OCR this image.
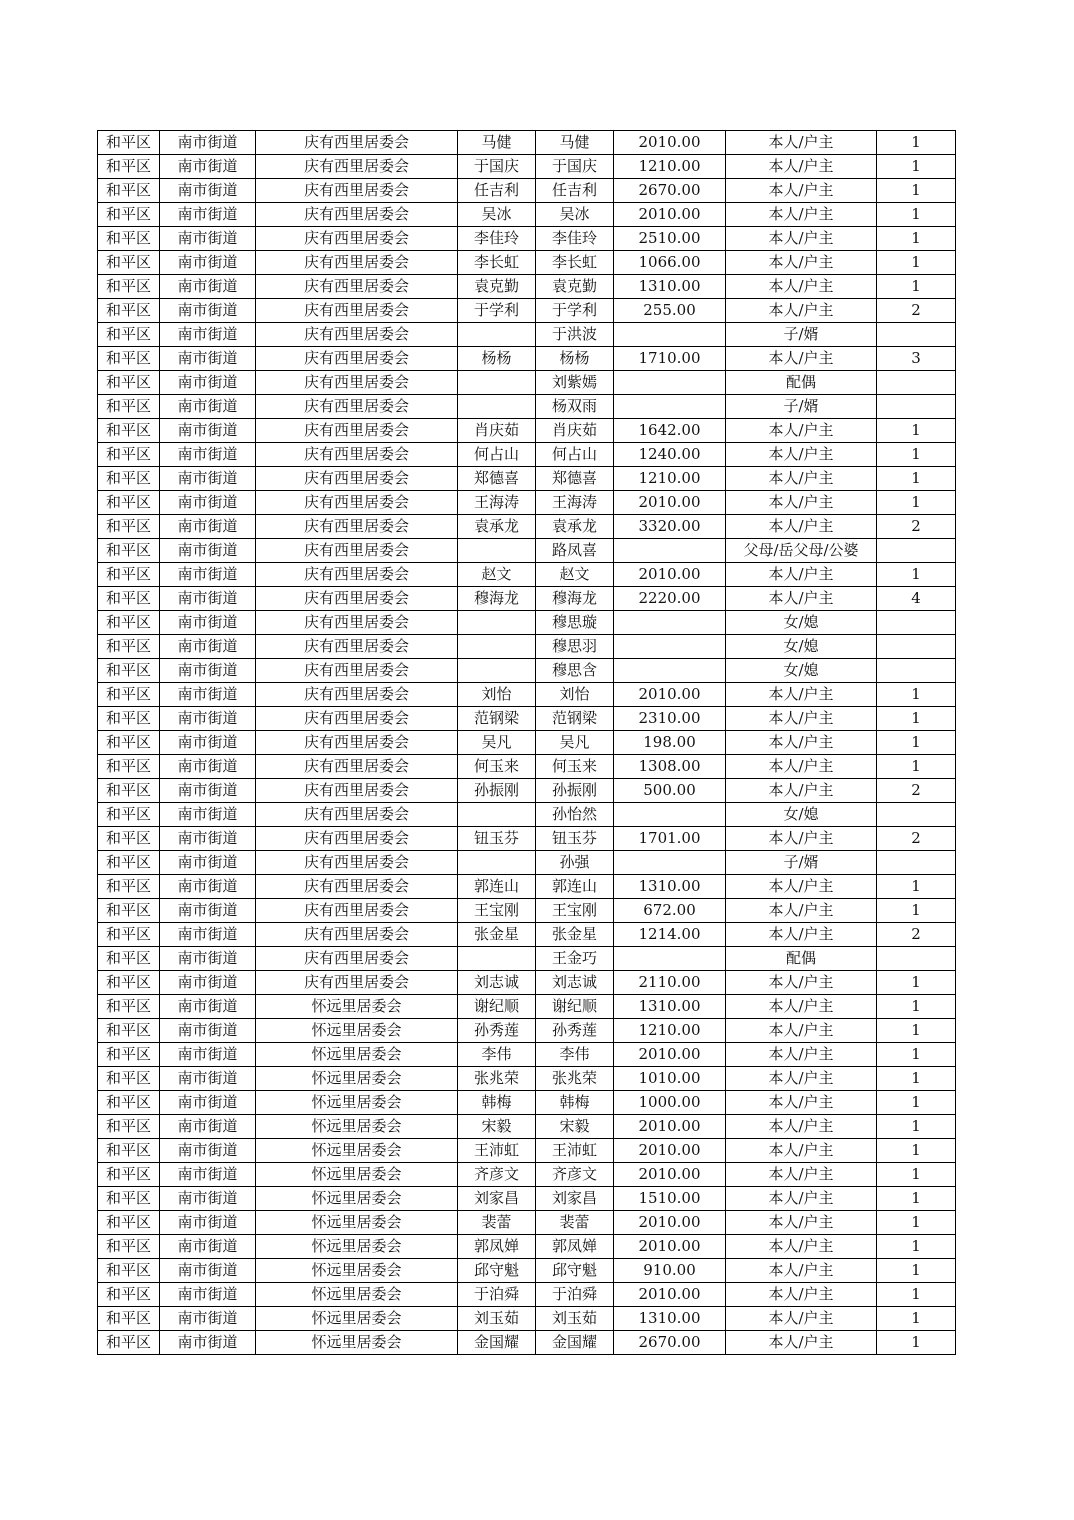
和平区	南市街道	庆有西里居委会	马健	马健	2010.00	本人/户主	1
和平区	南市街道	庆有西里居委会	于国庆	于国庆	1210.00	本人/户主	1
和平区	南市街道	庆有西里居委会	任吉利	任吉利	2670.00	本人/户主	1
和平区	南市街道	庆有西里居委会	吴冰	吴冰	2010.00	本人/户主	1
和平区	南市街道	庆有西里居委会	李佳玲	李佳玲	2510.00	本人/户主	1
和平区	南市街道	庆有西里居委会	李长虹	李长虹	1066.00	本人/户主	1
和平区	南市街道	庆有西里居委会	袁克勤	袁克勤	1310.00	本人/户主	1
和平区	南市街道	庆有西里居委会	于学利	于学利	255.00	本人/户主	2
和平区	南市街道	庆有西里居委会		于洪波		子/婿	
和平区	南市街道	庆有西里居委会	杨杨	杨杨	1710.00	本人/户主	3
和平区	南市街道	庆有西里居委会		刘紫嫣		配偶	
和平区	南市街道	庆有西里居委会		杨双雨		子/婿	
和平区	南市街道	庆有西里居委会	肖庆茹	肖庆茹	1642.00	本人/户主	1
和平区	南市街道	庆有西里居委会	何占山	何占山	1240.00	本人/户主	1
和平区	南市街道	庆有西里居委会	郑德喜	郑德喜	1210.00	本人/户主	1
和平区	南市街道	庆有西里居委会	王海涛	王海涛	2010.00	本人/户主	1
和平区	南市街道	庆有西里居委会	袁承龙	袁承龙	3320.00	本人/户主	2
和平区	南市街道	庆有西里居委会		路凤喜		父母/岳父母/公婆	
和平区	南市街道	庆有西里居委会	赵文	赵文	2010.00	本人/户主	1
和平区	南市街道	庆有西里居委会	穆海龙	穆海龙	2220.00	本人/户主	4
和平区	南市街道	庆有西里居委会		穆思璇		女/媳	
和平区	南市街道	庆有西里居委会		穆思羽		女/媳	
和平区	南市街道	庆有西里居委会		穆思含		女/媳	
和平区	南市街道	庆有西里居委会	刘怡	刘怡	2010.00	本人/户主	1
和平区	南市街道	庆有西里居委会	范钢梁	范钢梁	2310.00	本人/户主	1
和平区	南市街道	庆有西里居委会	吴凡	吴凡	198.00	本人/户主	1
和平区	南市街道	庆有西里居委会	何玉来	何玉来	1308.00	本人/户主	1
和平区	南市街道	庆有西里居委会	孙振刚	孙振刚	500.00	本人/户主	2
和平区	南市街道	庆有西里居委会		孙怡然		女/媳	
和平区	南市街道	庆有西里居委会	钮玉芬	钮玉芬	1701.00	本人/户主	2
和平区	南市街道	庆有西里居委会		孙强		子/婿	
和平区	南市街道	庆有西里居委会	郭连山	郭连山	1310.00	本人/户主	1
和平区	南市街道	庆有西里居委会	王宝刚	王宝刚	672.00	本人/户主	1
和平区	南市街道	庆有西里居委会	张金星	张金星	1214.00	本人/户主	2
和平区	南市街道	庆有西里居委会		王金巧		配偶	
和平区	南市街道	庆有西里居委会	刘志诚	刘志诚	2110.00	本人/户主	1
和平区	南市街道	怀远里居委会	谢纪顺	谢纪顺	1310.00	本人/户主	1
和平区	南市街道	怀远里居委会	孙秀莲	孙秀莲	1210.00	本人/户主	1
和平区	南市街道	怀远里居委会	李伟	李伟	2010.00	本人/户主	1
和平区	南市街道	怀远里居委会	张兆荣	张兆荣	1010.00	本人/户主	1
和平区	南市街道	怀远里居委会	韩梅	韩梅	1000.00	本人/户主	1
和平区	南市街道	怀远里居委会	宋毅	宋毅	2010.00	本人/户主	1
和平区	南市街道	怀远里居委会	王沛虹	王沛虹	2010.00	本人/户主	1
和平区	南市街道	怀远里居委会	齐彦文	齐彦文	2010.00	本人/户主	1
和平区	南市街道	怀远里居委会	刘家昌	刘家昌	1510.00	本人/户主	1
和平区	南市街道	怀远里居委会	裴蕾	裴蕾	2010.00	本人/户主	1
和平区	南市街道	怀远里居委会	郭凤婵	郭凤婵	2010.00	本人/户主	1
和平区	南市街道	怀远里居委会	邱守魁	邱守魁	910.00	本人/户主	1
和平区	南市街道	怀远里居委会	于泊舜	于泊舜	2010.00	本人/户主	1
和平区	南市街道	怀远里居委会	刘玉茹	刘玉茹	1310.00	本人/户主	1
和平区	南市街道	怀远里居委会	金国耀	金国耀	2670.00	本人/户主	1
